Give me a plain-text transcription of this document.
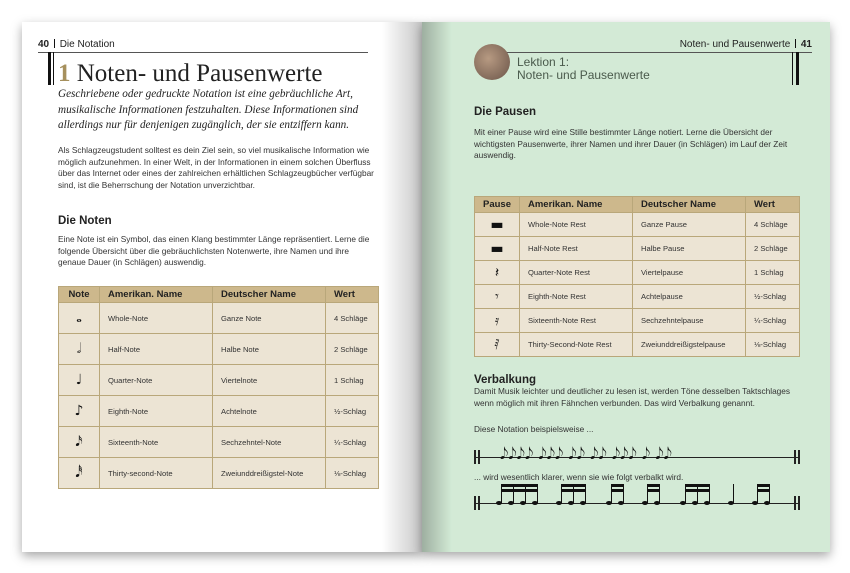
40 Die Notation
1 Noten- und Pausenwerte
Geschriebene oder gedruckte Notation ist eine gebräuchliche Art, musikalische Informationen festzuhalten. Diese Informationen sind allerdings nur für denjenigen zugänglich, der sie entziffern kann.
Als Schlagzeugstudent solltest es dein Ziel sein, so viel musikalische Information wie möglich aufzunehmen. In einer Welt, in der Informationen in einem solchen Überfluss über das Internet oder eines der zahlreichen erhältlichen Schlagzeugbücher verfügbar sind, ist die Beherrschung der Notation unverzichtbar.
Die Noten
Eine Note ist ein Symbol, das einen Klang bestimmter Länge repräsentiert. Lerne die folgende Übersicht über die gebräuchlichsten Notenwerte, ihre Namen und ihre genaue Dauer (in Schlägen) auswendig.
Note	Amerikan. Name	Deutscher Name	Wert
𝅝	Whole-Note	Ganze Note	4 Schläge
𝅗𝅥	Half-Note	Halbe Note	2 Schläge
♩	Quarter-Note	Viertelnote	1 Schlag
♪	Eighth-Note	Achtelnote	½-Schlag
𝅘𝅥𝅯	Sixteenth-Note	Sechzehntel-Note	¼-Schlag
𝅘𝅥𝅰	Thirty-second-Note	Zweiunddreißigstel-Note	⅛-Schlag
Noten- und Pausenwerte 41
Lektion 1:
Noten- und Pausenwerte
Die Pausen
Mit einer Pause wird eine Stille bestimmter Länge notiert. Lerne die Übersicht der wichtigsten Pausenwerte, ihrer Namen und ihrer Dauer (in Schlägen) im Lauf der Zeit auswendig.
Pause	Amerikan. Name	Deutscher Name	Wert
▬	Whole-Note Rest	Ganze Pause	4 Schläge
▬	Half-Note Rest	Halbe Pause	2 Schläge
𝄽	Quarter-Note Rest	Viertelpause	1 Schlag
𝄾	Eighth-Note Rest	Achtelpause	½-Schlag
𝄿	Sixteenth-Note Rest	Sechzehntelpause	¼-Schlag
𝅀	Thirty-Second-Note Rest	Zweiunddreißigstelpause	⅛-Schlag
Verbalkung
Damit Musik leichter und deutlicher zu lesen ist, werden Töne desselben Taktschlages wenn möglich mit ihren Fähnchen verbunden. Das wird Verbalkung genannt.
Diese Notation beispielsweise ...
𝅘𝅥𝅮𝅘𝅥𝅮𝅘𝅥𝅮𝅘𝅥𝅮 𝅘𝅥𝅮𝅘𝅥𝅮𝅘𝅥𝅮 𝅘𝅥𝅮𝅘𝅥𝅮 𝅘𝅥𝅮𝅘𝅥𝅮 𝅘𝅥𝅮𝅘𝅥𝅮𝅘𝅥𝅮 𝅘𝅥𝅮 𝅘𝅥𝅮𝅘𝅥𝅮
... wird wesentlich klarer, wenn sie wie folgt verbalkt wird.
